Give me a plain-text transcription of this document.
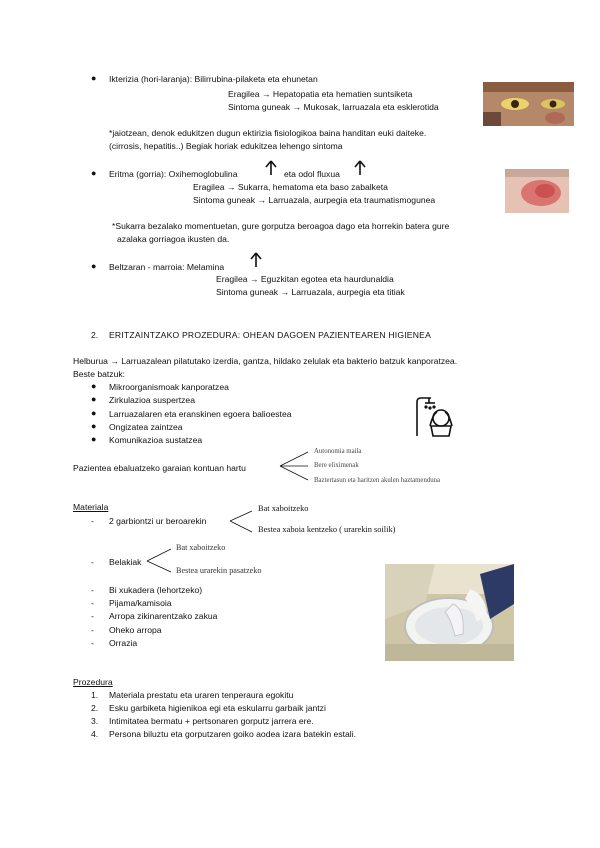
● Ikterizia (hori-laranja): Bilirrubina-pilaketa eta ehunetan
Eragilea → Hepatopatia eta hematien suntsiketa
Sintoma guneak → Mukosak, larruazala eta esklerotida
*jaiotzean, denok edukitzen dugun ektirizia fisiologikoa baina handitan euki daiteke.
(cirrosis, hepatitis..) Begiak horiak edukitzea lehengo sintoma
● Eritma (gorria): Oxihemoglobulina	eta odol fluxua
Eragilea → Sukarra, hematoma eta baso zabalketa
Sintoma guneak → Larruazala, aurpegia eta traumatismogunea
*Sukarra bezalako momentuetan, gure gorputza beroagoa dago eta horrekin batera gure
azalaka gorriagoa ikusten da.
● Beltzaran - marroia: Melamina
Eragilea → Eguzkitan egotea eta haurdunaldia
Sintoma guneak → Larruazala, aurpegia eta titiak
2. ERITZAINTZAKO PROZEDURA: OHEAN DAGOEN PAZIENTEAREN HIGIENEA
Helburua → Larruazalean pilatutako izerdia, gantza, hildako zelulak eta bakterio batzuk kanporatzea.
Beste batzuk:
● Mikroorganismoak kanporatzea
● Zirkulazioa suspertzea
● Larruazalaren eta eranskinen egoera balioestea
● Ongizatea zaintzea
● Komunikazioa sustatzea
Pazientea ebaluatzeko garaian kontuan hartu
Autonomia maila
Bere eliximenak
Baztertasun eta haritzen akulen haztamenduna
Materiala
- 2 garbiontzi ur beroarekin
Bat xaboitzeko
Bestea xaboia kentzeko ( urarekin soilik)
- Belakiak
Bat xaboitzeko
Bestea urarekin pasatzeko
- Bi xukadera (lehortzeko)
- Pijama/kamisoia
- Arropa zikinarentzako zakua
- Oheko arropa
- Orrazia
Prozedura
1. Materiala prestatu eta uraren tenperaura egokitu
2. Esku garbiketa higienikoa egi eta eskularru garbaik jantzi
3. Intimitatea bermatu + pertsonaren gorputz jarrera ere.
4. Persona biluztu eta gorputzaren goiko aodea izara batekin estali.
